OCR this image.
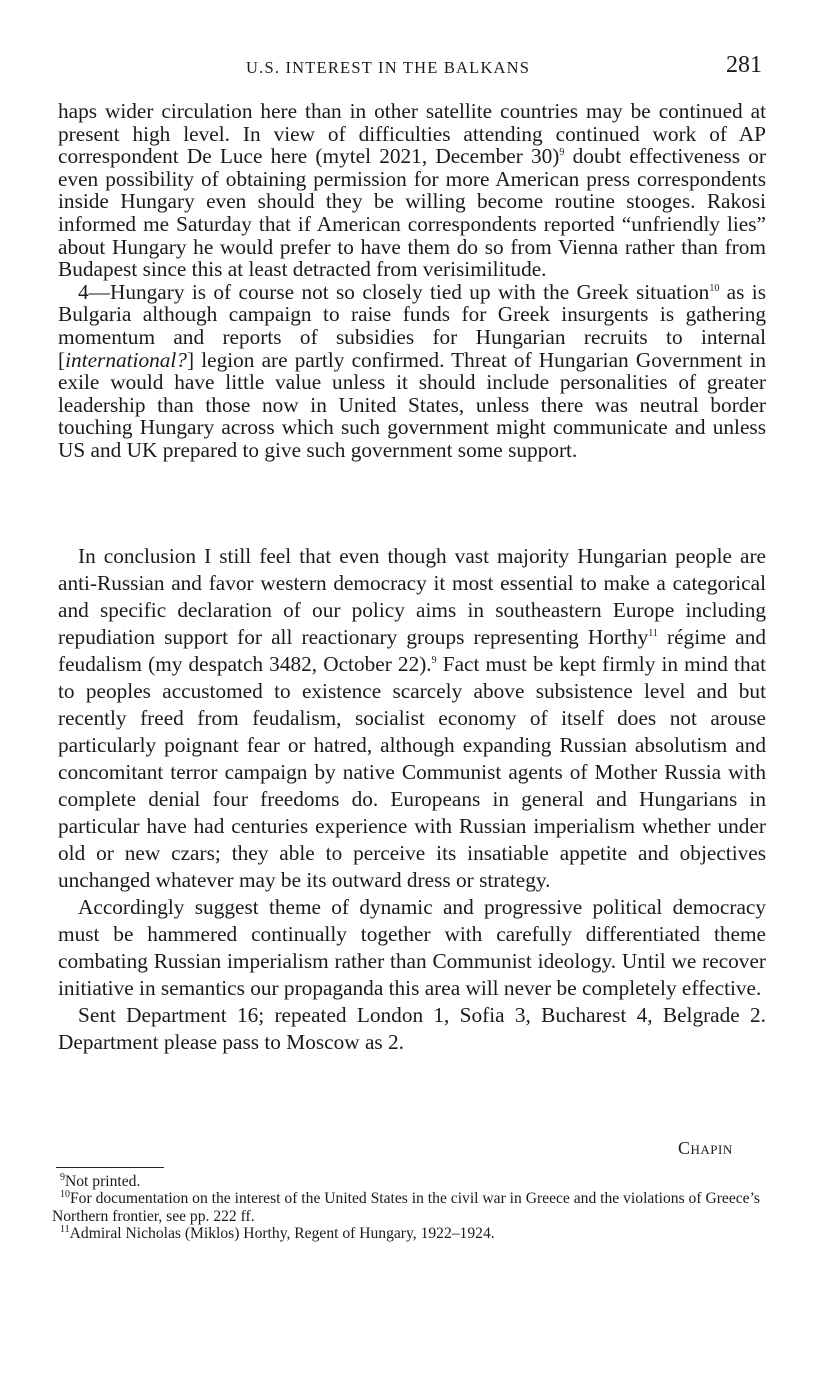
U.S. INTEREST IN THE BALKANS	281

haps wider circulation here than in other satellite countries may be continued at present high level. In view of difficulties attending continued work of AP correspondent De Luce here (mytel 2021, December 30)$^9$ doubt effectiveness or even possibility of obtaining permission for more American press correspondents inside Hungary even should they be willing become routine stooges. Rakosi informed me Saturday that if American correspondents reported “unfriendly lies” about Hungary he would prefer to have them do so from Vienna rather than from Budapest since this at least detracted from verisimilitude.

4—Hungary is of course not so closely tied up with the Greek situation$^{10}$ as is Bulgaria although campaign to raise funds for Greek insurgents is gathering momentum and reports of subsidies for Hungarian recruits to internal [international?] legion are partly confirmed. Threat of Hungarian Government in exile would have little value unless it should include personalities of greater leadership than those now in United States, unless there was neutral border touching Hungary across which such government might communicate and unless US and UK prepared to give such government some support.

In conclusion I still feel that even though vast majority Hungarian people are anti-Russian and favor western democracy it most essential to make a categorical and specific declaration of our policy aims in southeastern Europe including repudiation support for all reactionary groups representing Horthy$^{11}$ régime and feudalism (my despatch 3482, October 22).$^9$ Fact must be kept firmly in mind that to peoples accustomed to existence scarcely above subsistence level and but recently freed from feudalism, socialist economy of itself does not arouse particularly poignant fear or hatred, although expanding Russian absolutism and concomitant terror campaign by native Communist agents of Mother Russia with complete denial four freedoms do. Europeans in general and Hungarians in particular have had centuries experience with Russian imperialism whether under old or new czars; they able to perceive its insatiable appetite and objectives unchanged whatever may be its outward dress or strategy.

Accordingly suggest theme of dynamic and progressive political democracy must be hammered continually together with carefully differentiated theme combating Russian imperialism rather than Communist ideology. Until we recover initiative in semantics our propaganda this area will never be completely effective.

Sent Department 16; repeated London 1, Sofia 3, Bucharest 4, Belgrade 2. Department please pass to Moscow as 2.

Chapin

$^9$Not printed.

$^{10}$For documentation on the interest of the United States in the civil war in Greece and the violations of Greece’s Northern frontier, see pp. 222 ff.

$^{11}$Admiral Nicholas (Miklos) Horthy, Regent of Hungary, 1922–1924.
